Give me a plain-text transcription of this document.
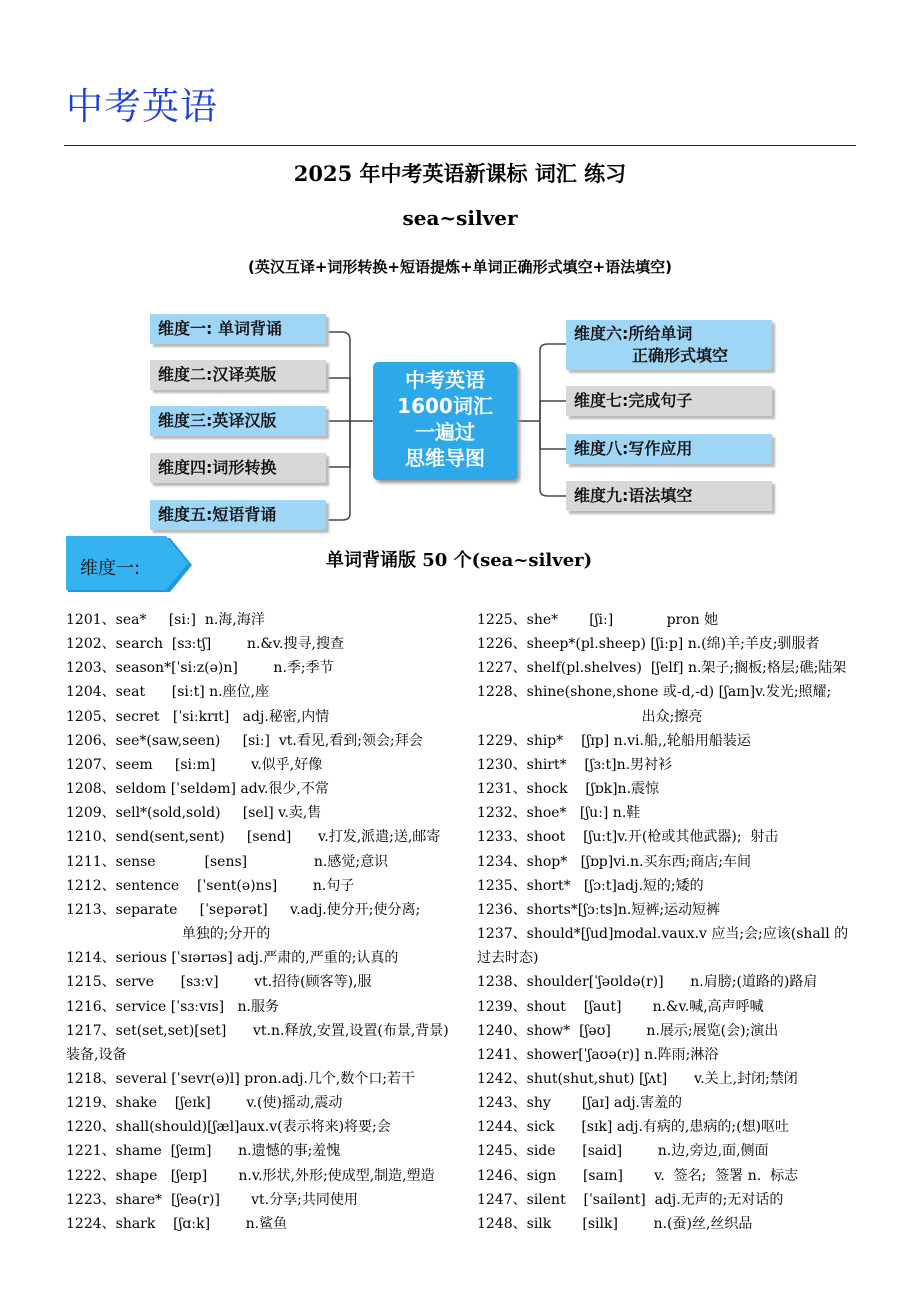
中考英语
2025 年中考英语新课标 词汇 练习
sea~silver
(英汉互译+词形转换+短语提炼+单词正确形式填空+语法填空)
维度一: 单词背诵
维度二:汉译英版
维度三:英译汉版
维度四:词形转换
维度五:短语背诵
中考英语
1600词汇
一遍过
思维导图
维度六:所给单词
正确形式填空
维度七:完成句子
维度八:写作应用
维度九:语法填空
维度一:	单词背诵版 50 个(sea~silver)
1201、sea*     [siː]  n.海,海洋
1202、search  [sɜːtʃ]        n.&v.搜寻,搜查
1203、season*[ˈsiːz(ə)n]        n.季;季节
1204、seat      [siːt] n.座位,座
1205、secret   [ˈsiːkrɪt]   adj.秘密,内情
1206、see*(saw,seen)     [siː]  vt.看见,看到;领会;拜会
1207、seem     [siːm]        v.似乎,好像
1208、seldom [ˈseldəm] adv.很少,不常
1209、sell*(sold,sold)     [sel] v.卖,售
1210、send(sent,sent)     [send]      v.打发,派遣;送,邮寄
1211、sense           [sens]               n.感觉;意识
1212、sentence    [ˈsent(ə)ns]        n.句子
1213、separate     [ˈsepərət]     v.adj.使分开;使分离;
单独的;分开的
1214、serious [ˈsɪərɪəs] adj.严肃的,严重的;认真的
1215、serve      [sɜːv]        vt.招待(顾客等),服
1216、service [ˈsɜːvɪs]   n.服务
1217、set(set,set)[set]      vt.n.释放,安置,设置(布景,背景)
装备,设备
1218、several [ˈsevr(ə)l] pron.adj.几个,数个口;若干
1219、shake    [ʃeɪk]        v.(使)摇动,震动
1220、shall(should)[ʃæl]aux.v(表示将来)将要;会
1221、shame  [ʃeɪm]      n.遗憾的事;羞愧
1222、shape   [ʃeɪp]       n.v.形状,外形;使成型,制造,塑造
1223、share*  [ʃeə(r)]       vt.分享;共同使用
1224、shark    [ʃɑːk]        n.鲨鱼
1225、she*       [ʃiː]            pron 她
1226、sheep*(pl.sheep) [ʃiːp] n.(绵)羊;羊皮;驯服者
1227、shelf(pl.shelves)  [ʃelf] n.架子;搁板;格层;礁;陆架
1228、shine(shone,shone 或-d,-d) [ʃaɪn]v.发光;照耀;
出众;擦亮
1229、ship*    [ʃɪp] n.vi.船,,轮船用船装运
1230、shirt*    [ʃɜːt]n.男衬衫
1231、shock    [ʃɒk]n.震惊
1232、shoe*   [ʃuː] n.鞋
1233、shoot    [ʃuːt]v.开(枪或其他武器);  射击
1234、shop*   [ʃɒp]vi.n.买东西;商店;车间
1235、short*   [ʃɔːt]adj.短的;矮的
1236、shorts*[ʃɔːts]n.短裤;运动短裤
1237、should*[ʃud]modal.vaux.v 应当;会;应该(shall 的
过去时态)
1238、shoulder[ˈʃəʊldə(r)]      n.肩膀;(道路的)路肩
1239、shout    [ʃaut]       n.&v.喊,高声呼喊
1240、show*  [ʃəʊ]        n.展示;展览(会);演出
1241、shower[ˈʃaʊə(r)] n.阵雨;淋浴
1242、shut(shut,shut) [ʃʌt]      v.关上,封闭;禁闭
1243、shy       [ʃaɪ] adj.害羞的
1244、sick      [sɪk] adj.有病的,患病的;(想)呕吐
1245、side      [said]        n.边,旁边,面,侧面
1246、sign      [saɪn]       v.  签名;  签署 n.  标志
1247、silent    [ˈsailənt]  adj.无声的;无对话的
1248、silk       [silk]        n.(蚕)丝,丝织品
